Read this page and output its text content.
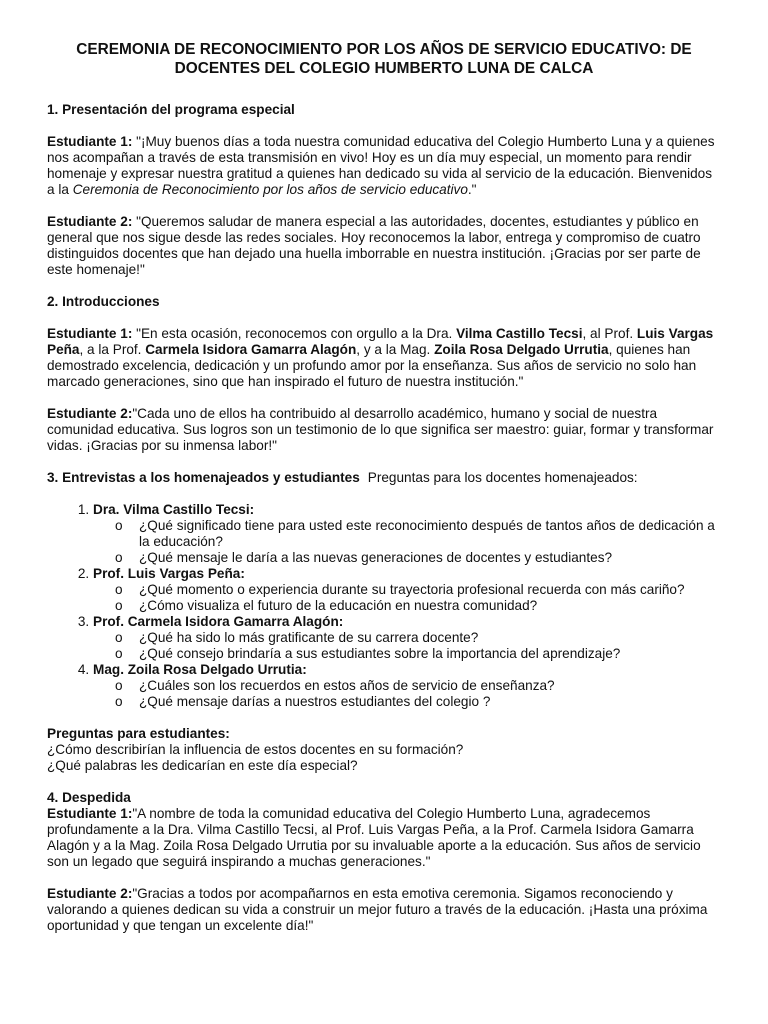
CEREMONIA DE RECONOCIMIENTO POR LOS AÑOS DE SERVICIO EDUCATIVO: DE DOCENTES DEL COLEGIO HUMBERTO LUNA DE CALCA
1. Presentación del programa especial

Estudiante 1: "¡Muy buenos días a toda nuestra comunidad educativa del Colegio Humberto Luna y a quienes nos acompañan a través de esta transmisión en vivo! Hoy es un día muy especial, un momento para rendir homenaje y expresar nuestra gratitud a quienes han dedicado su vida al servicio de la educación. Bienvenidos a la Ceremonia de Reconocimiento por los años de servicio educativo."

Estudiante 2: "Queremos saludar de manera especial a las autoridades, docentes, estudiantes y público en general que nos sigue desde las redes sociales. Hoy reconocemos la labor, entrega y compromiso de cuatro distinguidos docentes que han dejado una huella imborrable en nuestra institución. ¡Gracias por ser parte de este homenaje!"

2. Introducciones

Estudiante 1: "En esta ocasión, reconocemos con orgullo a la Dra. Vilma Castillo Tecsi, al Prof. Luis Vargas Peña, a la Prof. Carmela Isidora Gamarra Alagón, y a la Mag. Zoila Rosa Delgado Urrutia, quienes han demostrado excelencia, dedicación y un profundo amor por la enseñanza. Sus años de servicio no solo han marcado generaciones, sino que han inspirado el futuro de nuestra institución."

Estudiante 2:"Cada uno de ellos ha contribuido al desarrollo académico, humano y social de nuestra comunidad educativa. Sus logros son un testimonio de lo que significa ser maestro: guiar, formar y transformar vidas. ¡Gracias por su inmensa labor!"

3. Entrevistas a los homenajeados y estudiantes Preguntas para los docentes homenajeados:
1. Dra. Vilma Castillo Tecsi:
o ¿Qué significado tiene para usted este reconocimiento después de tantos años de dedicación a la educación?
o ¿Qué mensaje le daría a las nuevas generaciones de docentes y estudiantes?
2. Prof. Luis Vargas Peña:
o ¿Qué momento o experiencia durante su trayectoria profesional recuerda con más cariño?
o ¿Cómo visualiza el futuro de la educación en nuestra comunidad?
3. Prof. Carmela Isidora Gamarra Alagón:
o ¿Qué ha sido lo más gratificante de su carrera docente?
o ¿Qué consejo brindaría a sus estudiantes sobre la importancia del aprendizaje?
4. Mag. Zoila Rosa Delgado Urrutia:
o ¿Cuáles son los recuerdos en estos años de servicio de enseñanza?
o ¿Qué mensaje darías a nuestros estudiantes del colegio ?
Preguntas para estudiantes:
¿Cómo describirían la influencia de estos docentes en su formación?
¿Qué palabras les dedicarían en este día especial?
4. Despedida

Estudiante 1:"A nombre de toda la comunidad educativa del Colegio Humberto Luna, agradecemos profundamente a la Dra. Vilma Castillo Tecsi, al Prof. Luis Vargas Peña, a la Prof. Carmela Isidora Gamarra Alagón y a la Mag. Zoila Rosa Delgado Urrutia por su invaluable aporte a la educación. Sus años de servicio son un legado que seguirá inspirando a muchas generaciones."

Estudiante 2:"Gracias a todos por acompañarnos en esta emotiva ceremonia. Sigamos reconociendo y valorando a quienes dedican su vida a construir un mejor futuro a través de la educación. ¡Hasta una próxima oportunidad y que tengan un excelente día!"
